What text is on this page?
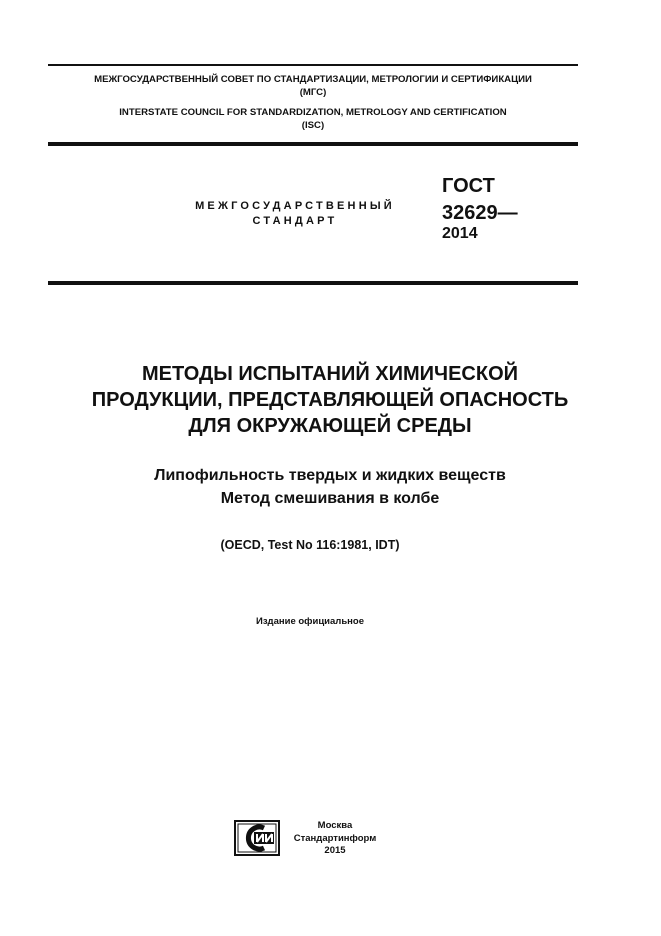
МЕЖГОСУДАРСТВЕННЫЙ СОВЕТ ПО СТАНДАРТИЗАЦИИ, МЕТРОЛОГИИ И СЕРТИФИКАЦИИ
(МГС)
INTERSTATE COUNCIL FOR STANDARDIZATION, METROLOGY AND CERTIFICATION
(ISC)
МЕЖГОСУДАРСТВЕННЫЙ
СТАНДАРТ
ГОСТ
32629—
2014
МЕТОДЫ ИСПЫТАНИЙ ХИМИЧЕСКОЙ
ПРОДУКЦИИ, ПРЕДСТАВЛЯЮЩЕЙ ОПАСНОСТЬ
ДЛЯ ОКРУЖАЮЩЕЙ СРЕДЫ
Липофильность твердых и жидких веществ
Метод смешивания в колбе
(OECD, Test No 116:1981, IDT)
Издание официальное
Москва
Стандартинформ
2015
